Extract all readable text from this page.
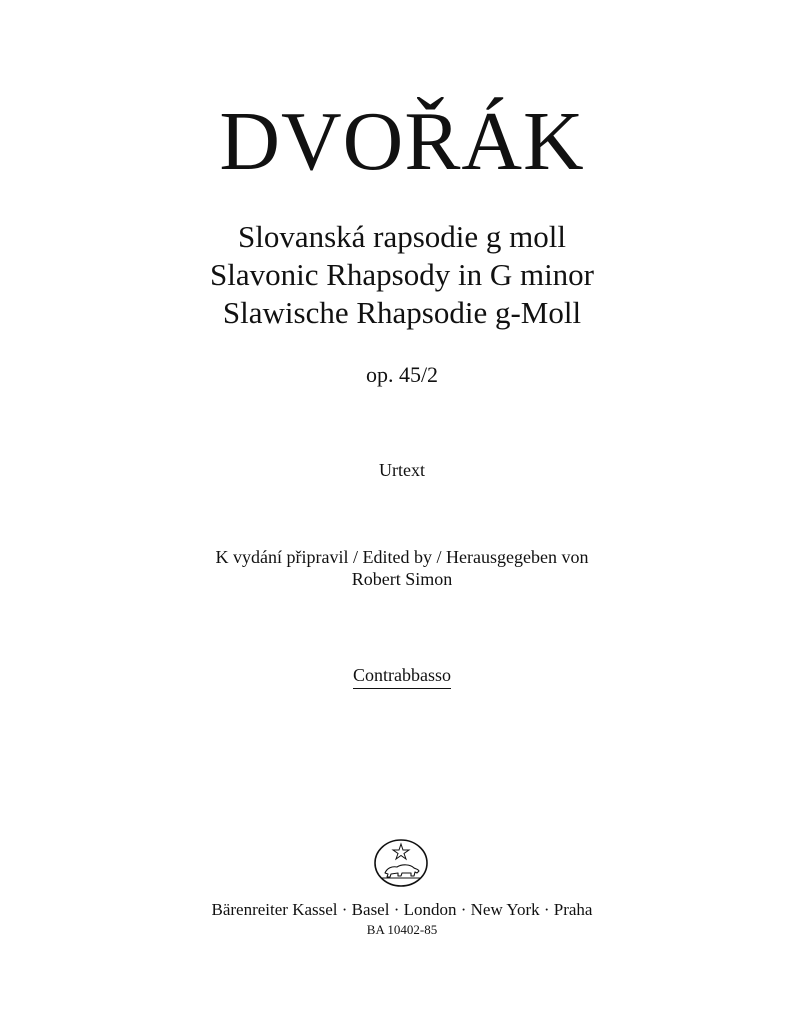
DVOŘÁK
Slovanská rapsodie g moll
Slavonic Rhapsody in G minor
Slawische Rhapsodie g-Moll
op. 45/2
Urtext
K vydání připravil / Edited by / Herausgegeben von
Robert Simon
Contrabbasso
Bärenreiter Kassel · Basel · London · New York · Praha
BA 10402-85
